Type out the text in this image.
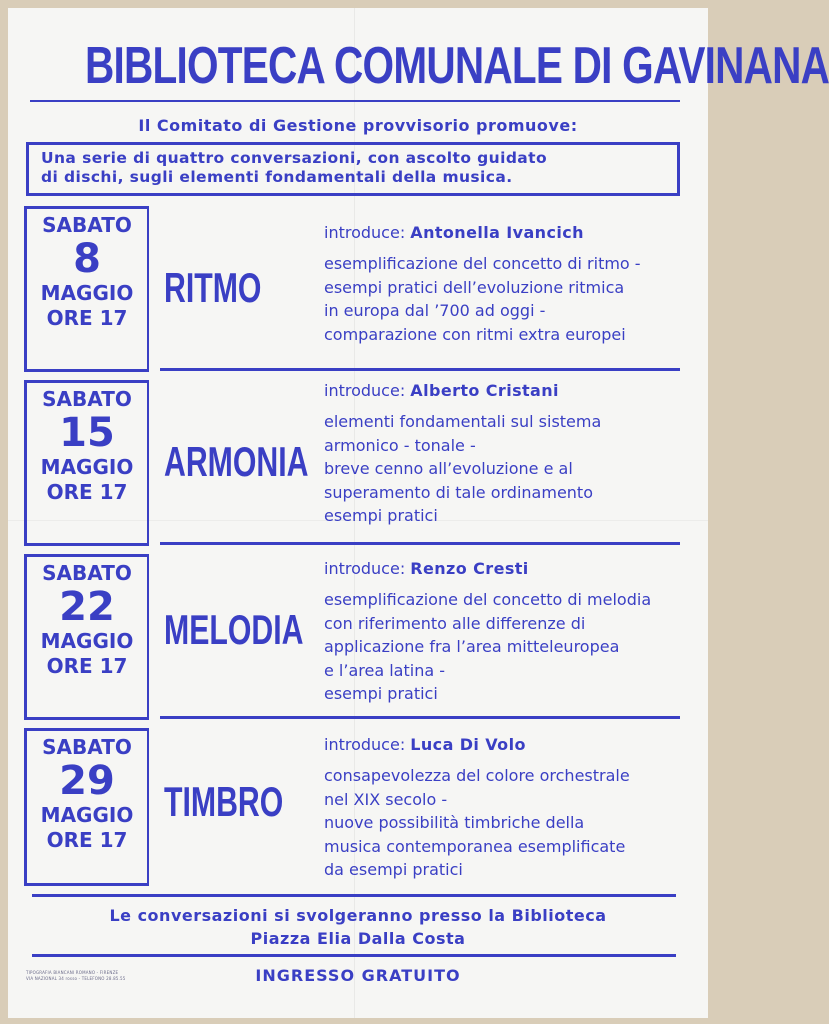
BIBLIOTECA COMUNALE DI GAVINANA
Il Comitato di Gestione provvisorio promuove:
Una serie di quattro conversazioni, con ascolto guidato
di dischi, sugli elementi fondamentali della musica.
SABATO
8
MAGGIO
ORE 17
RITMO
introduce: Antonella Ivancich
esemplificazione del concetto di ritmo -
esempi pratici dell’evoluzione ritmica
in europa dal ’700 ad oggi -
comparazione con ritmi extra europei
SABATO
15
MAGGIO
ORE 17
ARMONIA
introduce: Alberto Cristani
elementi fondamentali sul sistema
armonico - tonale -
breve cenno all’evoluzione e al
superamento di tale ordinamento
esempi pratici
SABATO
22
MAGGIO
ORE 17
MELODIA
introduce: Renzo Cresti
esemplificazione del concetto di melodia
con riferimento alle differenze di
applicazione fra l’area mitteleuropea
e l’area latina -
esempi pratici
SABATO
29
MAGGIO
ORE 17
TIMBRO
introduce: Luca Di Volo
consapevolezza del colore orchestrale
nel XIX secolo -
nuove possibilità timbriche della
musica contemporanea esemplificate
da esempi pratici
Le conversazioni si svolgeranno presso la Biblioteca
Piazza Elia Dalla Costa
INGRESSO GRATUITO
TIPOGRAFIA BIANCANI ROMANO - FIRENZE
VIA NAZIONAL 34 rosso - TELEFONO 28.85.55
